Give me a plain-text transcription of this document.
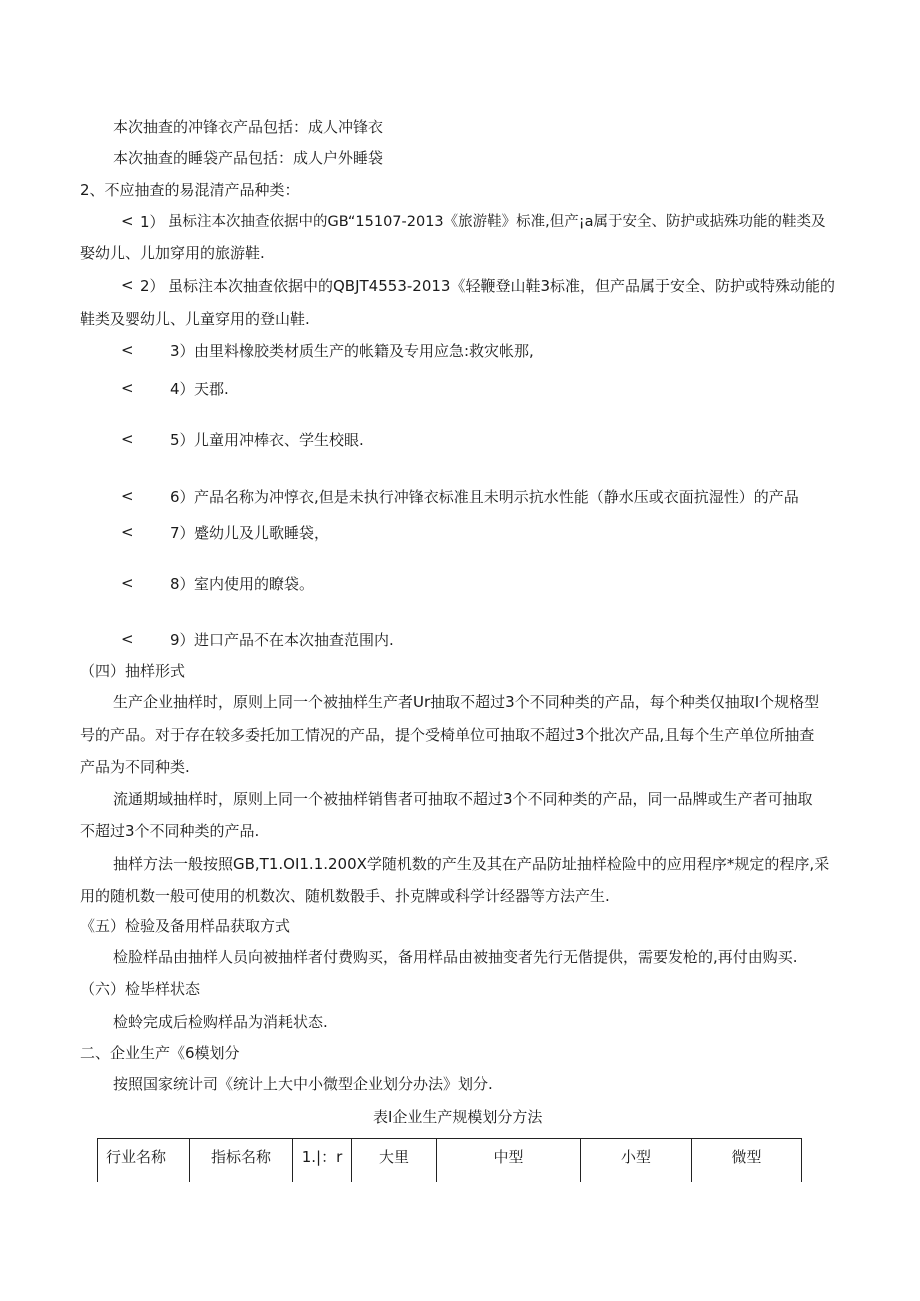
本次抽查的冲锋衣产品包括：成人冲锋衣
本次抽查的睡袋产品包括：成人户外睡袋
2、不应抽查的易混清产品种类：
< 1） 虽标注本次抽查依据中的GB“15107-2013《旅游鞋》标准,但产¡a属于安全、防护或掂殊功能的鞋类及
娶幼儿、儿加穿用的旅游鞋.
< 2） 虽标注本次抽查依据中的QBJT4553-2013《轻鞭登山鞋3标准，但产品属于安全、防护或特殊动能的
鞋类及婴幼儿、儿童穿用的登山鞋.
< 3） 由里料橡胶类材质生产的帐籍及专用应急:救灾帐那,
< 4） 天郡.
< 5） 儿童用冲棒衣、学生校眼.
< 6） 产品名称为冲惇衣,但是未执行冲锋衣标准且未明示抗水性能（静水压或衣面抗湿性）的产品
< 7） 蹙幼儿及儿歌睡袋，
< 8） 室内使用的瞭袋。
< 9） 进口产品不在本次抽查范围内.
（四）抽样形式
生产企业抽样时，原则上同一个被抽样生产者Ur抽取不超过3个不同种类的产品，每个种类仅抽取I个规格型
号的产品。对于存在较多委托加工情况的产品，提个受椅单位可抽取不超过3个批次产品,且每个生产单位所抽查
产品为不同种类.
流通期域抽样时，原则上同一个被抽样销售者可抽取不超过3个不同种类的产品，同一品牌或生产者可抽取
不超过3个不同种类的产品.
抽样方法一般按照GB,T1.OI1.1.200X学随机数的产生及其在产品防址抽样检险中的应用程序*规定的程序,采
用的随机数一般可使用的机数次、随机数骰手、扑克牌或科学计经器等方法产生.
《五）检验及备用样品获取方式
检脸样品由抽样人员向被抽样者付费购买，备用样品由被抽变者先行无偕提供，需要发枪的,再付由购买.
（六）检毕样状态
检蛉完成后检购样品为消耗状态.
二、企业生产《6模划分
按照国家统计司《统计上大中小微型企业划分办法》划分.
表I企业生产规模划分方法
行业名称	指标名称	1.|：r	大里	中型	小型	微型
